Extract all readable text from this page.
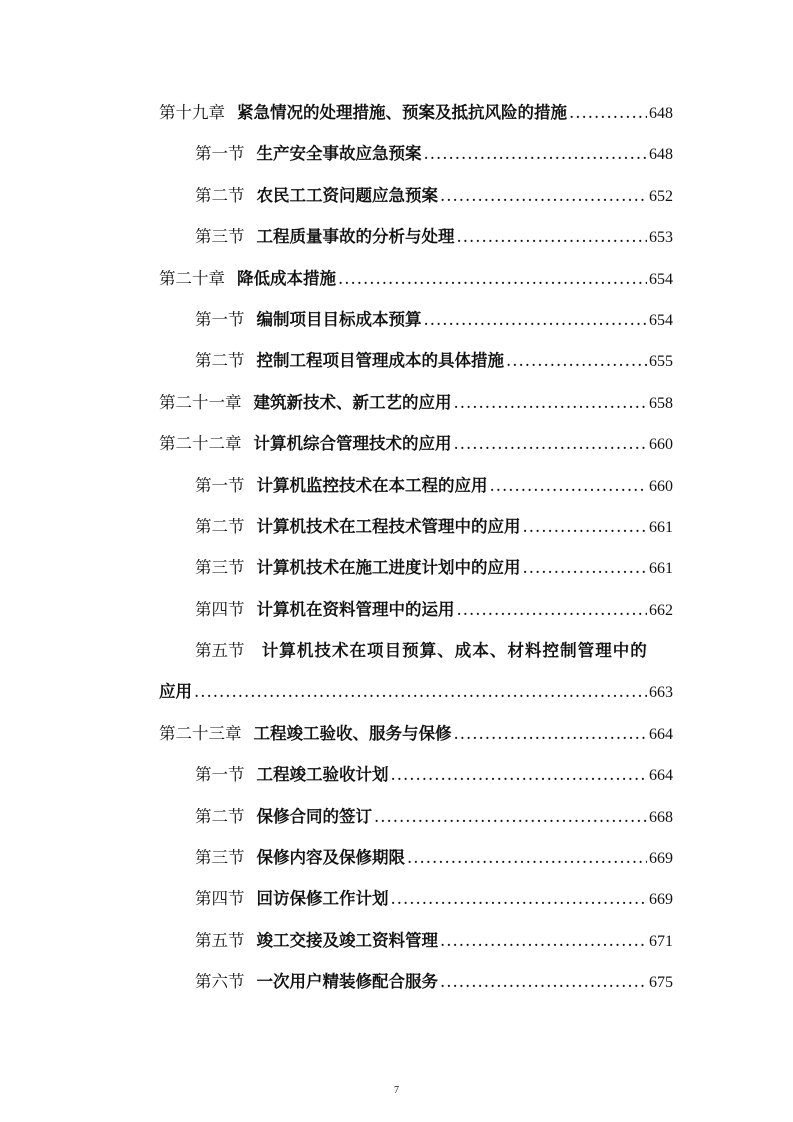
第十九章 紧急情况的处理措施、预案及抵抗风险的措施 .....	648
第一节 生产安全事故应急预案 .....	648
第二节 农民工工资问题应急预案 .....	652
第三节 工程质量事故的分析与处理 .....	653
第二十章 降低成本措施 .....	654
第一节 编制项目目标成本预算 .....	654
第二节 控制工程项目管理成本的具体措施 .....	655
第二十一章 建筑新技术、新工艺的应用 .....	658
第二十二章 计算机综合管理技术的应用 .....	660
第一节 计算机监控技术在本工程的应用 .....	660
第二节 计算机技术在工程技术管理中的应用 .....	661
第三节 计算机技术在施工进度计划中的应用 .....	661
第四节 计算机在资料管理中的运用 .....	662
第五节 计算机技术在项目预算、成本、材料控制管理中的
应用 .....	663
第二十三章 工程竣工验收、服务与保修 .....	664
第一节 工程竣工验收计划 .....	664
第二节 保修合同的签订 .....	668
第三节 保修内容及保修期限 .....	669
第四节 回访保修工作计划 .....	669
第五节 竣工交接及竣工资料管理 .....	671
第六节 一次用户精装修配合服务 .....	675
7
